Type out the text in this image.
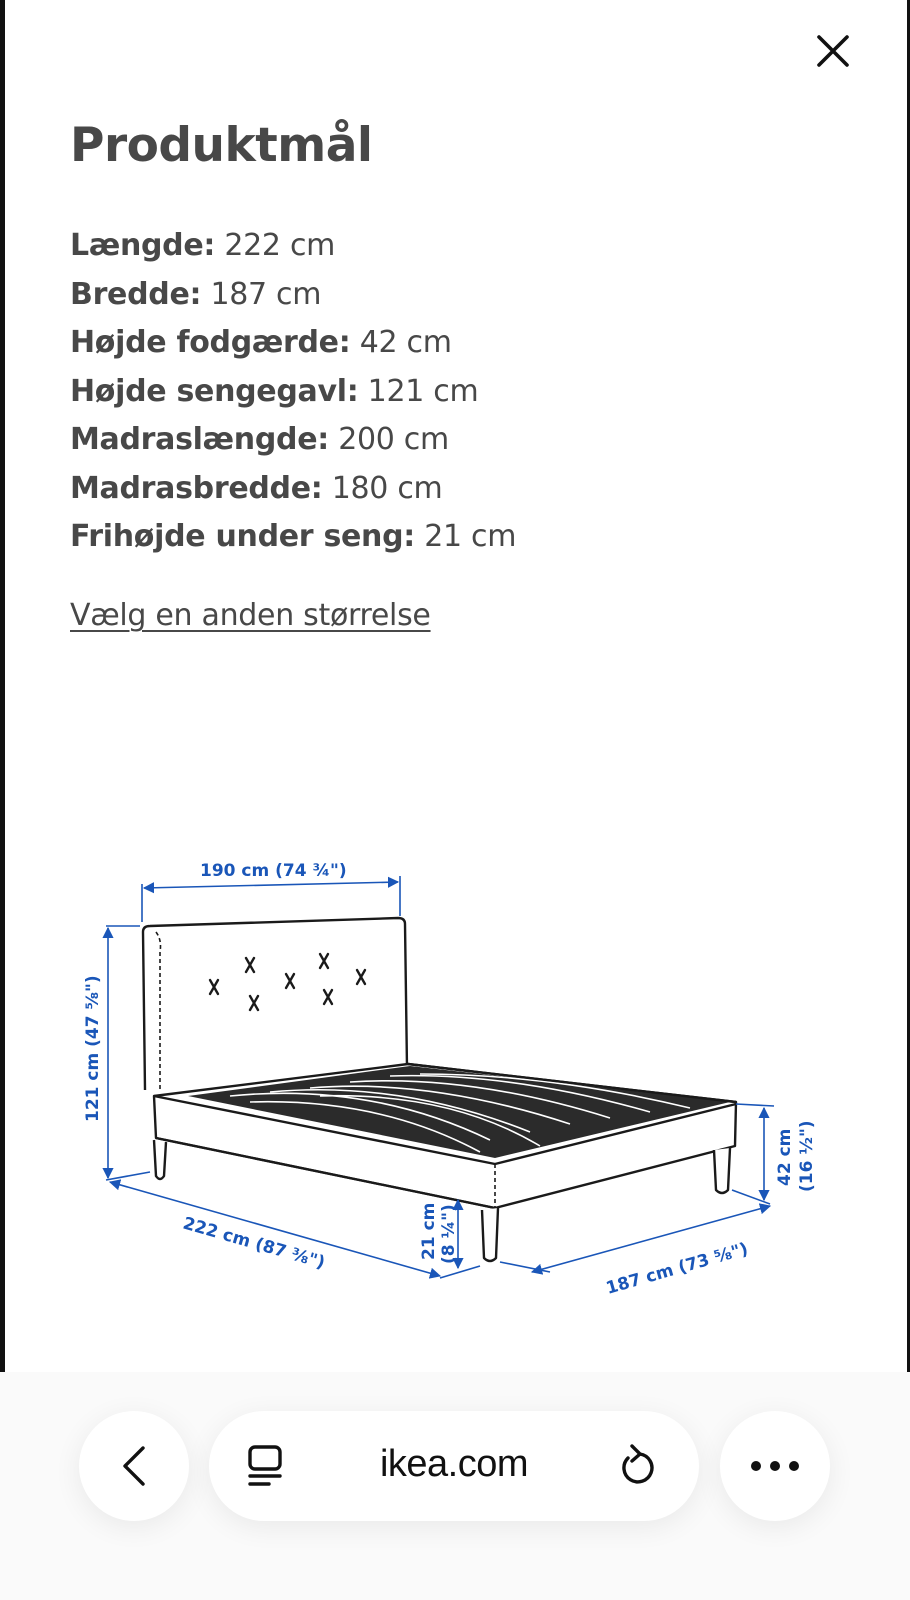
Produktmål
Længde: 222 cm
Bredde: 187 cm
Højde fodgærde: 42 cm
Højde sengegavl: 121 cm
Madraslængde: 200 cm
Madrasbredde: 180 cm
Frihøjde under seng: 21 cm
Vælg en anden størrelse
190 cm (74 ¾")
121 cm (47 ⅝")
222 cm (87 ⅜")	21 cm (8 ¼")
187 cm (73 ⅝")
42 cm (16 ½")
ikea.com
